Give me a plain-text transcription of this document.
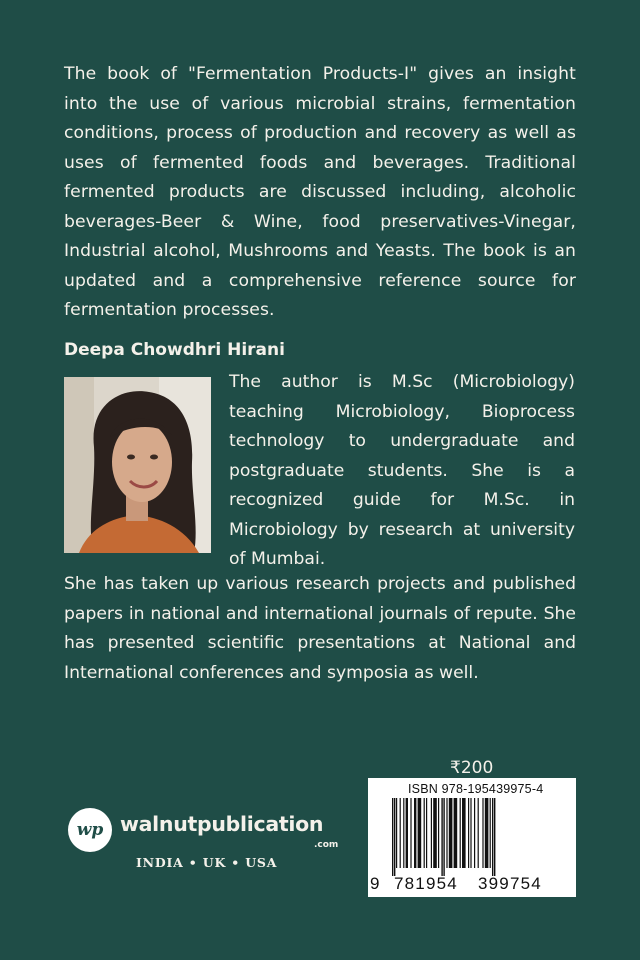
The book of "Fermentation Products-I" gives an insight into the use of various microbial strains, fermentation conditions, process of production and recovery as well as uses of fermented foods and beverages. Traditional fermented products are discussed including, alcoholic beverages-Beer & Wine, food preservatives-Vinegar, Industrial alcohol, Mushrooms and Yeasts. The book is an updated and a comprehensive reference source for fermentation processes.

Deepa Chowdhri Hirani

The author is M.Sc (Microbiology) teaching Microbiology, Bioprocess technology to undergraduate and postgraduate students. She is a recognized guide for M.Sc. in Microbiology by research at university of Mumbai.

She has taken up various research projects and published papers in national and international journals of repute. She has presented scientific presentations at National and International conferences and symposia as well.

₹200
ISBN 978-195439975-4
9 781954 399754
wp walnutpublication
.com
INDIA • UK • USA
